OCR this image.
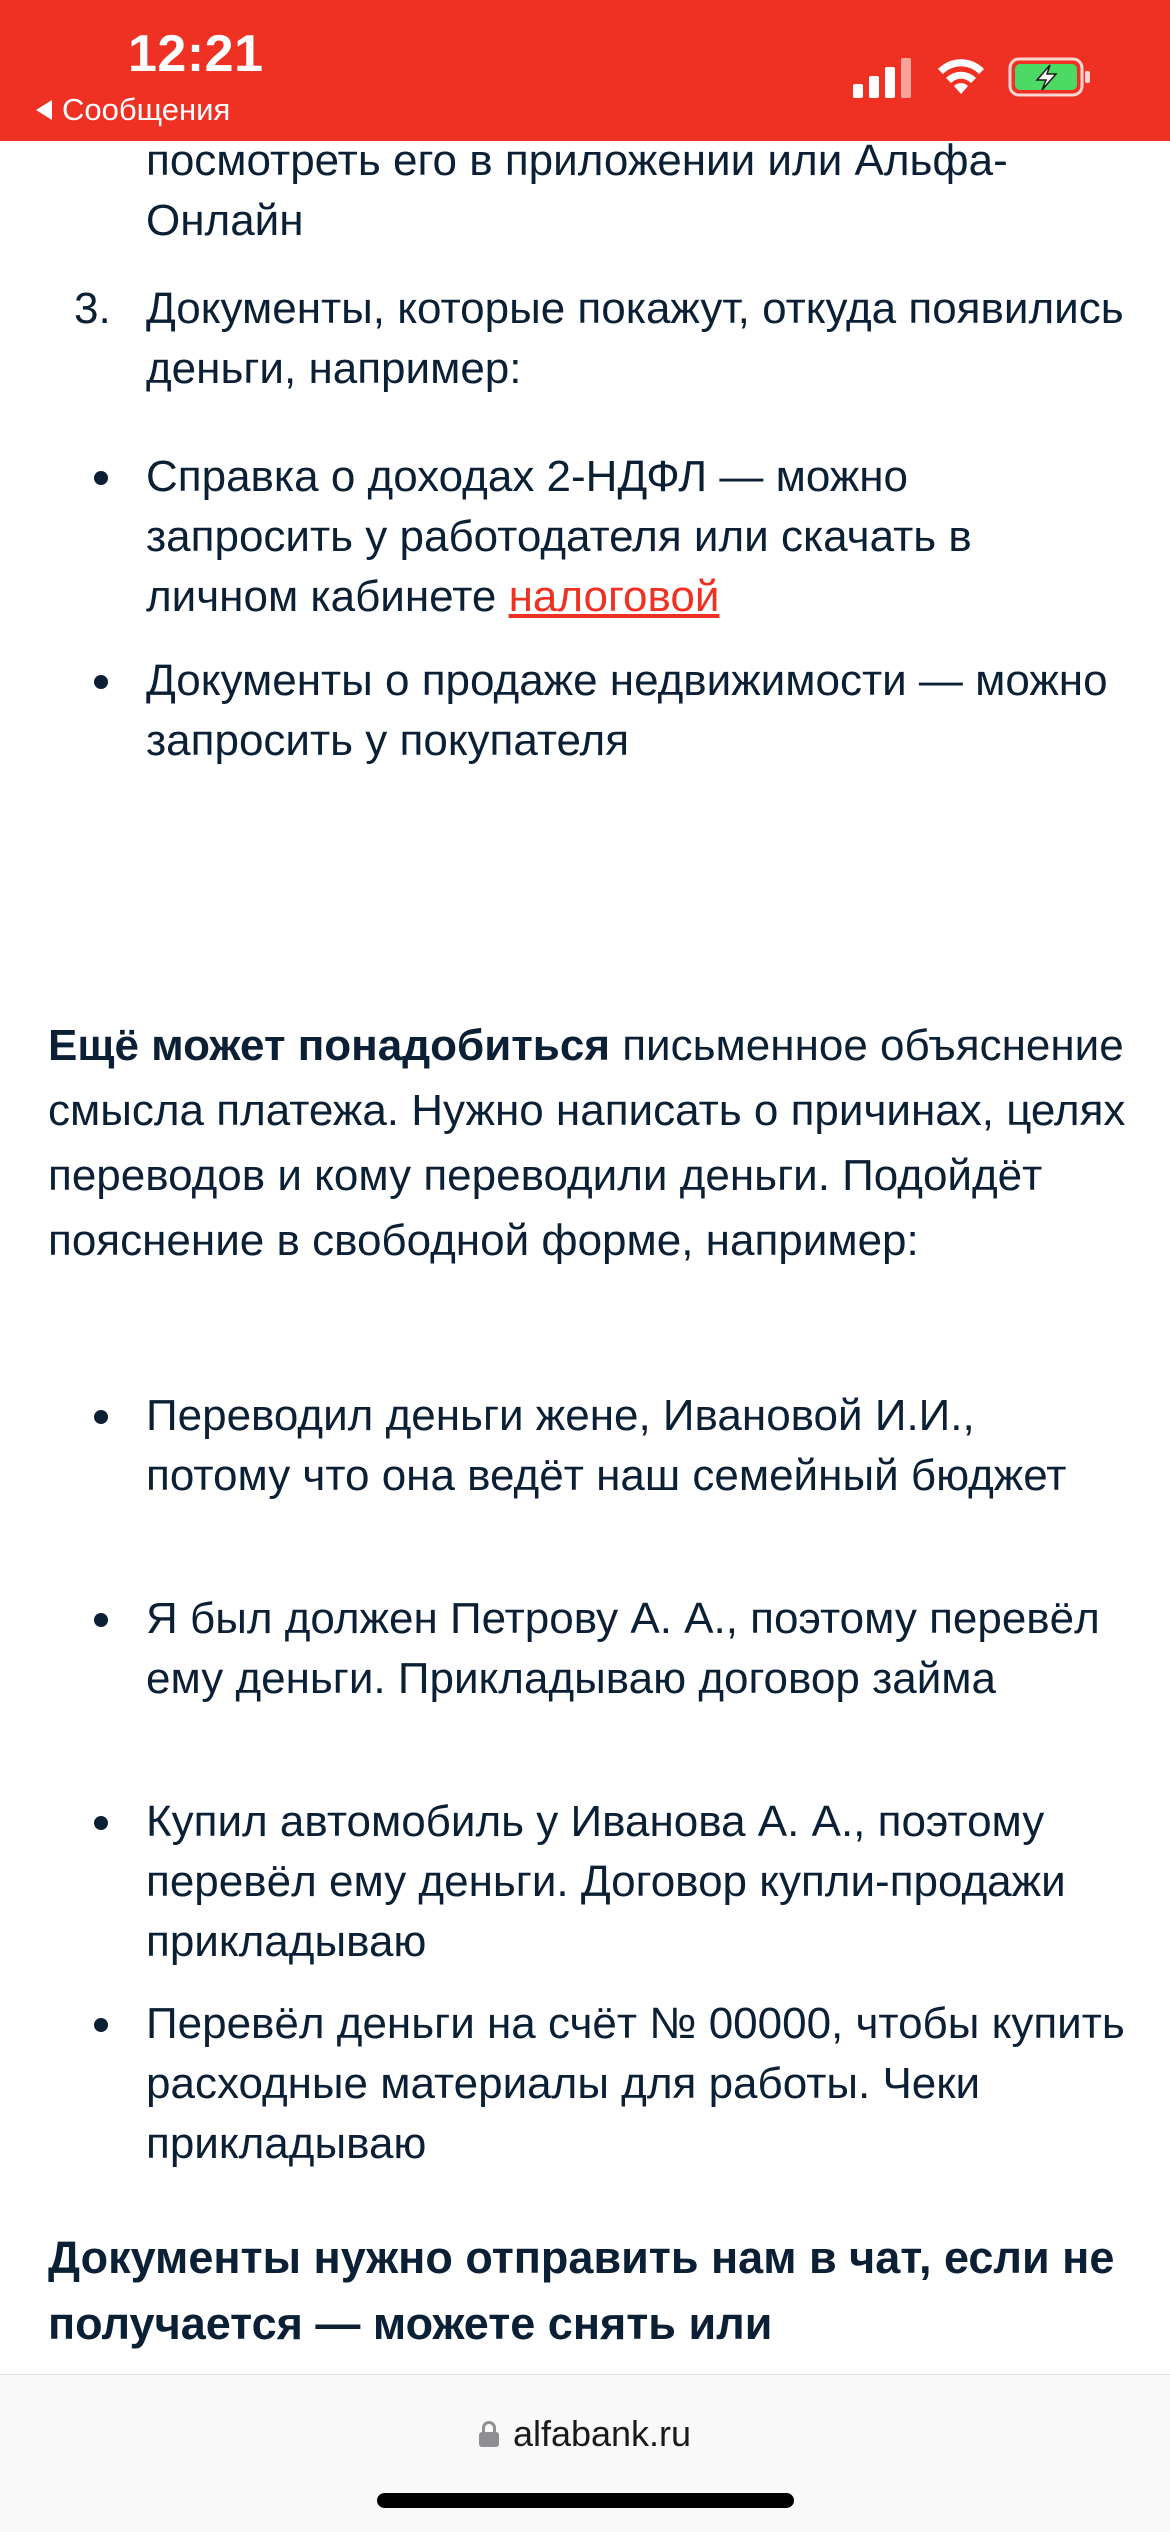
12:21
Сообщения
посмотреть его в приложении или Альфа-
Онлайн
3. Документы, которые покажут, откуда появились деньги, например:
Справка о доходах 2-НДФЛ — можно запросить у работодателя или скачать в личном кабинете налоговой
Документы о продаже недвижимости — можно запросить у покупателя
Ещё может понадобиться письменное объяснение смысла платежа. Нужно написать о причинах, целях переводов и кому переводили деньги. Подойдёт пояснение в свободной форме, например:
Переводил деньги жене, Ивановой И.И., потому что она ведёт наш семейный бюджет
Я был должен Петрову А. А., поэтому перевёл ему деньги. Прикладываю договор займа
Купил автомобиль у Иванова А. А., поэтому перевёл ему деньги. Договор купли-продажи прикладываю
Перевёл деньги на счёт № 00000, чтобы купить расходные материалы для работы. Чеки прикладываю
Документы нужно отправить нам в чат, если не получается — можете снять или
alfabank.ru
